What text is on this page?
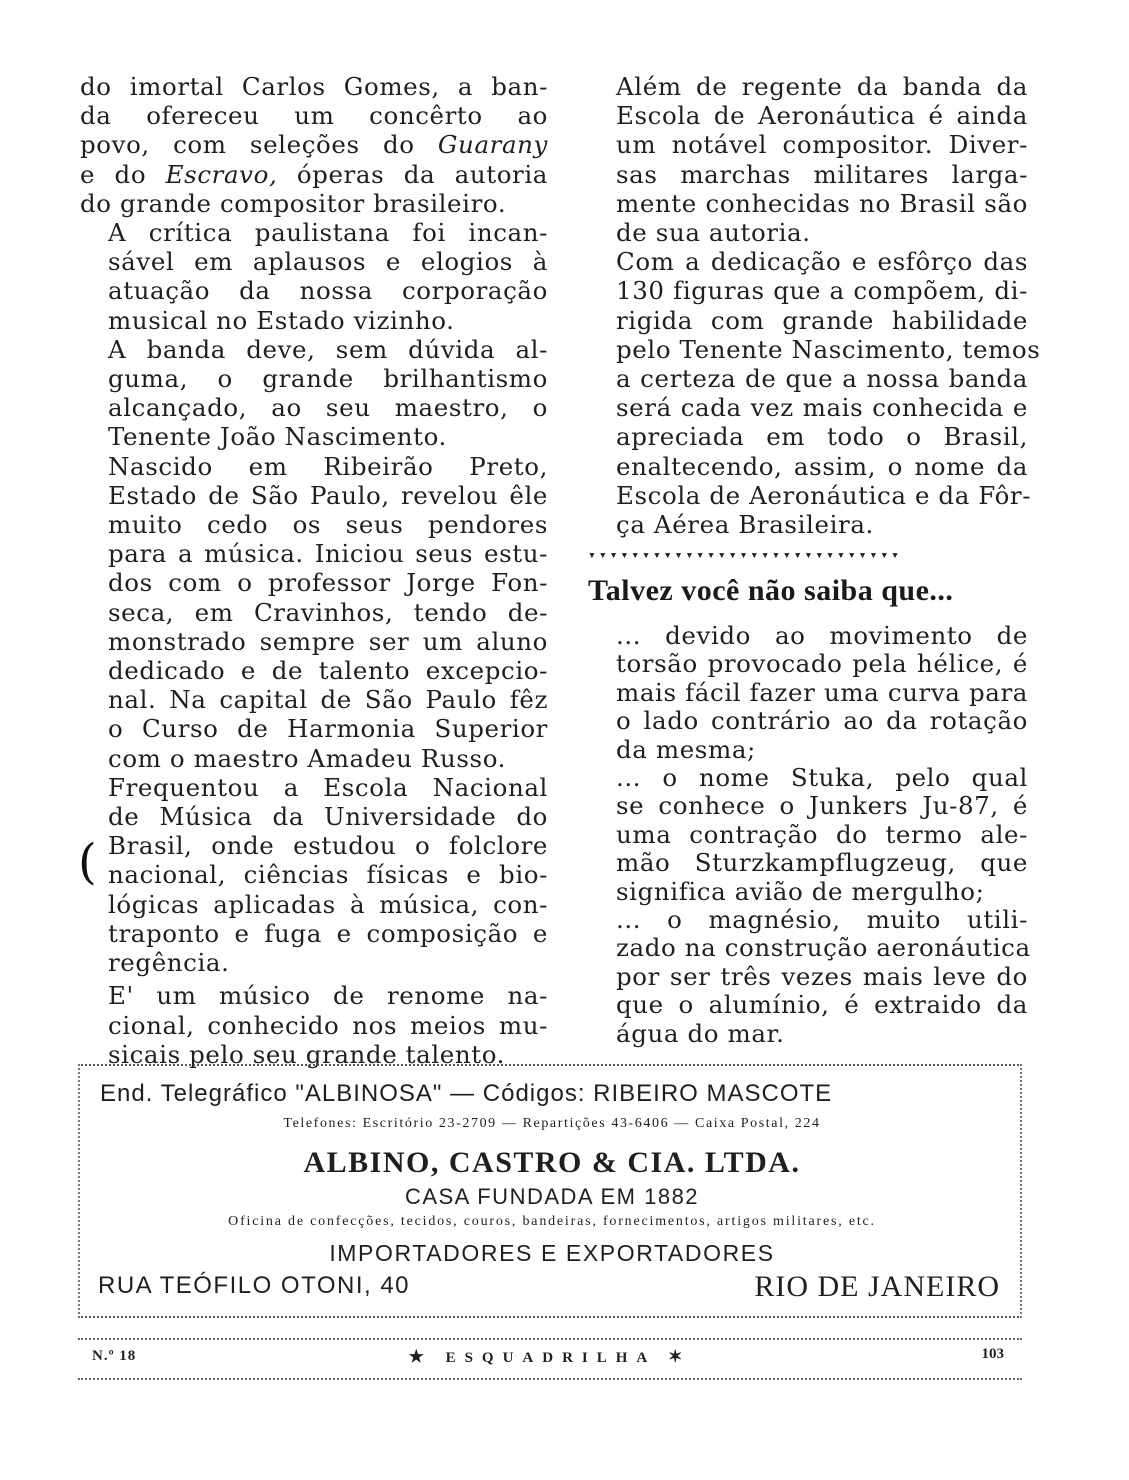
do imortal Carlos Gomes, a ban-
da ofereceu um concêrto ao
povo, com seleções do Guarany
e do Escravo, óperas da autoria
do grande compositor brasileiro.

A crítica paulistana foi incan-
sável em aplausos e elogios à
atuação da nossa corporação
musical no Estado vizinho.

A banda deve, sem dúvida al-
guma, o grande brilhantismo
alcançado, ao seu maestro, o
Tenente João Nascimento.

Nascido em Ribeirão Preto,
Estado de São Paulo, revelou êle
muito cedo os seus pendores
para a música. Iniciou seus estu-
dos com o professor Jorge Fon-
seca, em Cravinhos, tendo de-
monstrado sempre ser um aluno
dedicado e de talento excepcio-
nal. Na capital de São Paulo fêz
o Curso de Harmonia Superior
com o maestro Amadeu Russo.

Frequentou a Escola Nacional
de Música da Universidade do
Brasil, onde estudou o folclore
nacional, ciências físicas e bio-
lógicas aplicadas à música, con-
traponto e fuga e composição e
regência.

E' um músico de renome na-
cional, conhecido nos meios mu-
sicais pelo seu grande talento.

Além de regente da banda da
Escola de Aeronáutica é ainda
um notável compositor. Diver-
sas marchas militares larga-
mente conhecidas no Brasil são
de sua autoria.

Com a dedicação e esfôrço das
130 figuras que a compõem, di-
rigida com grande habilidade
pelo Tenente Nascimento, temos
a certeza de que a nossa banda
será cada vez mais conhecida e
apreciada em todo o Brasil,
enaltecendo, assim, o nome da
Escola de Aeronáutica e da Fôr-
ça Aérea Brasileira.

▾▾▾▾▾▾▾▾▾▾▾▾▾▾▾▾▾▾▾▾▾▾▾▾▾▾▾▾▾
Talvez você não saiba que...

... devido ao movimento de
torsão provocado pela hélice, é
mais fácil fazer uma curva para
o lado contrário ao da rotação
da mesma;

... o nome Stuka, pelo qual
se conhece o Junkers Ju-87, é
uma contração do termo ale-
mão Sturzkampflugzeug, que
significa avião de mergulho;

... o magnésio, muito utili-
zado na construção aeronáutica
por ser três vezes mais leve do
que o alumínio, é extraido da
água do mar.

(
End. Telegráfico "ALBINOSA" — Códigos: RIBEIRO MASCOTE
Telefones: Escritório 23-2709 — Repartições 43-6406 — Caixa Postal, 224
ALBINO, CASTRO & CIA. LTDA.
CASA FUNDADA EM 1882
Oficina de confecções, tecidos, couros, bandeiras, fornecimentos, artigos militares, etc.
IMPORTADORES E EXPORTADORES
RUA TEÓFILO OTONI, 40	RIO DE JANEIRO
N.º 18	★ ESQUADRILHA ✶	103
